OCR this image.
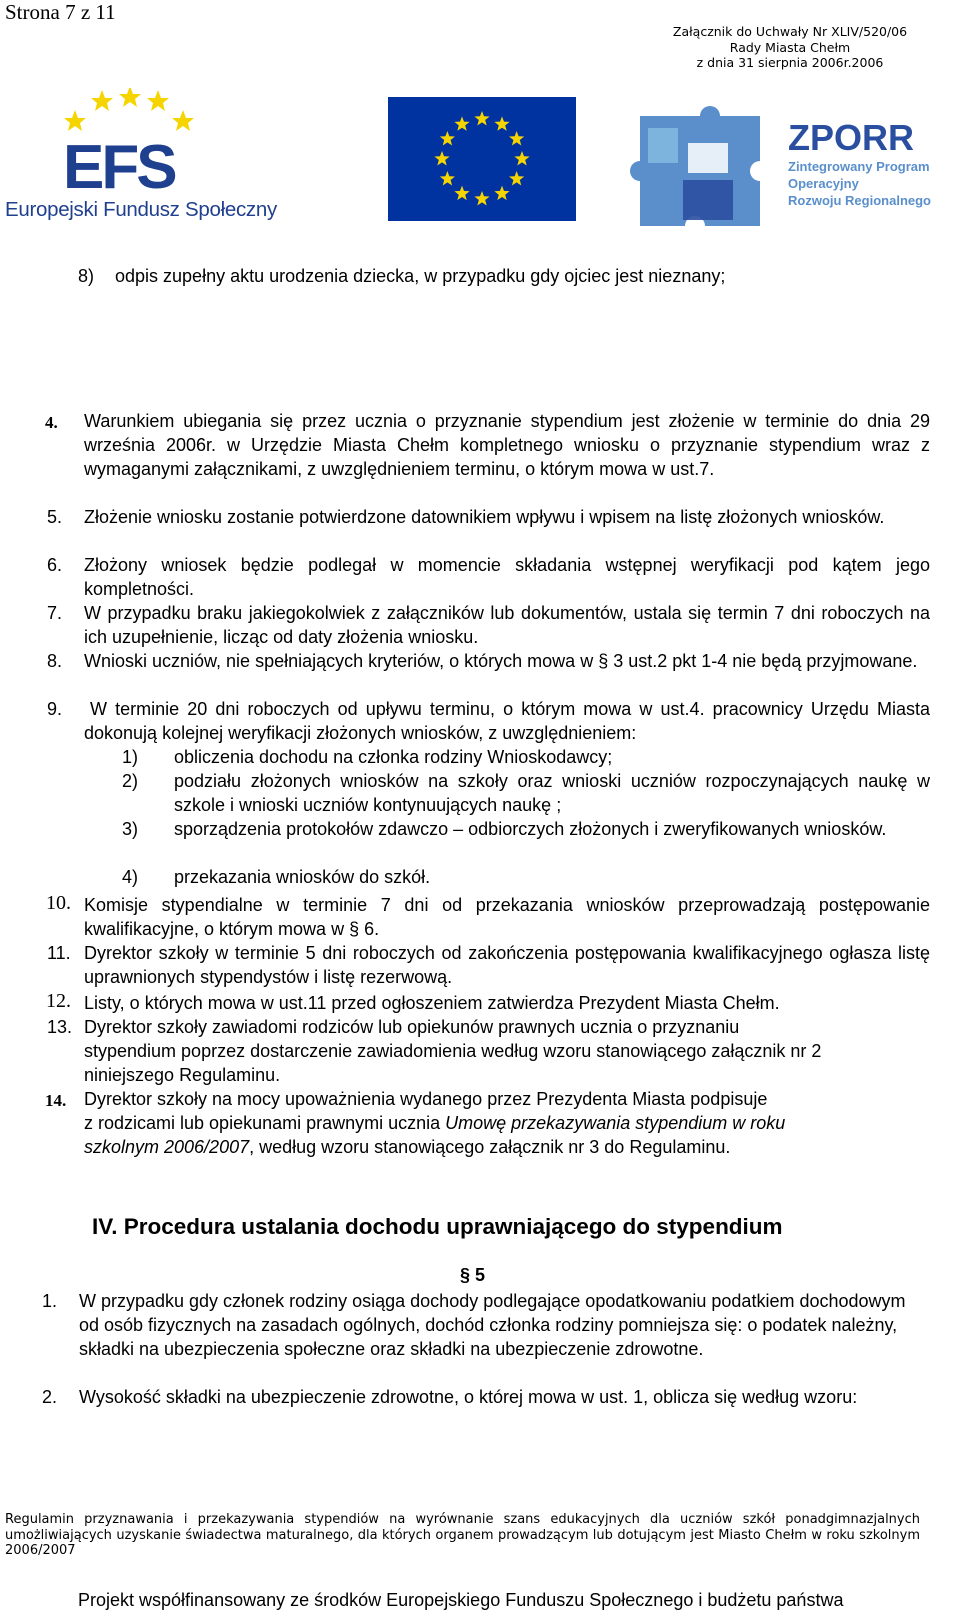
Strona 7 z 11
Załącznik do Uchwały Nr XLIV/520/06
Rady Miasta Chełm
z dnia 31 sierpnia 2006r.2006
EFS
Europejski Fundusz Społeczny
ZPORR
Zintegrowany Program
Operacyjny
Rozwoju Regionalnego
8) odpis zupełny aktu urodzenia dziecka, w przypadku gdy ojciec jest nieznany;
4. Warunkiem ubiegania się przez ucznia o przyznanie stypendium jest złożenie w terminie do dnia 29 września 2006r. w Urzędzie Miasta Chełm kompletnego wniosku o przyznanie stypendium wraz z wymaganymi załącznikami, z uwzględnieniem terminu, o którym mowa w ust.7.
5. Złożenie wniosku zostanie potwierdzone datownikiem wpływu i wpisem na listę złożonych wniosków.
6. Złożony wniosek będzie podlegał w momencie składania wstępnej weryfikacji pod kątem jego kompletności.
7. W przypadku braku jakiegokolwiek z załączników lub dokumentów, ustala się termin 7 dni roboczych na ich uzupełnienie, licząc od daty złożenia wniosku.
8. Wnioski uczniów, nie spełniających kryteriów, o których mowa w § 3 ust.2 pkt 1-4 nie będą przyjmowane.
9.	W terminie 20 dni roboczych od upływu terminu, o którym mowa w ust.4. pracownicy Urzędu Miasta dokonują kolejnej weryfikacji złożonych wniosków, z uwzględnieniem:
1) obliczenia dochodu na członka rodziny Wnioskodawcy;
2) podziału złożonych wniosków na szkoły oraz wnioski uczniów rozpoczynających naukę w szkole i wnioski uczniów kontynuujących naukę ;
3) sporządzenia protokołów zdawczo – odbiorczych złożonych i zweryfikowanych wniosków.
4) przekazania wniosków do szkół.
10. Komisje stypendialne w terminie 7 dni od przekazania wniosków przeprowadzają postępowanie kwalifikacyjne, o którym mowa w § 6.
11. Dyrektor szkoły w terminie 5 dni roboczych od zakończenia postępowania kwalifikacyjnego ogłasza listę uprawnionych stypendystów i listę rezerwową.
12. Listy, o których mowa w ust.11 przed ogłoszeniem zatwierdza Prezydent Miasta Chełm.
13. Dyrektor szkoły zawiadomi rodziców lub opiekunów prawnych ucznia o przyznaniu
stypendium poprzez dostarczenie zawiadomienia według wzoru stanowiącego załącznik nr 2
niniejszego Regulaminu.
14. Dyrektor szkoły na mocy upoważnienia wydanego przez Prezydenta Miasta podpisuje
z rodzicami lub opiekunami prawnymi ucznia Umowę przekazywania stypendium w roku
szkolnym 2006/2007, według wzoru stanowiącego załącznik nr 3 do Regulaminu.
IV. Procedura ustalania dochodu uprawniającego do stypendium
§ 5
1. W przypadku gdy członek rodziny osiąga dochody podlegające opodatkowaniu podatkiem dochodowym od osób fizycznych na zasadach ogólnych, dochód członka rodziny pomniejsza się: o podatek należny, składki na ubezpieczenia społeczne oraz składki na ubezpieczenie zdrowotne.
2. Wysokość składki na ubezpieczenie zdrowotne, o której mowa w ust. 1, oblicza się według wzoru:
Regulamin przyznawania i przekazywania stypendiów na wyrównanie szans edukacyjnych dla uczniów szkół ponadgimnazjalnych umożliwiających uzyskanie świadectwa maturalnego, dla których organem prowadzącym lub dotującym jest Miasto Chełm w roku szkolnym 2006/2007
Projekt współfinansowany ze środków Europejskiego Funduszu Społecznego i budżetu państwa
